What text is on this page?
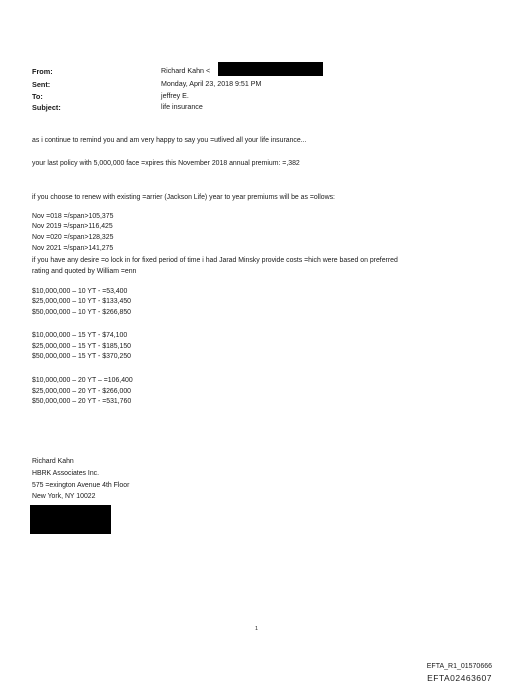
From:	Richard Kahn <
Sent:	Monday, April 23, 2018 9:51 PM
To:	jeffrey E.
Subject:	life insurance
as i continue to remind you and am very happy to say you =utlived all your life insurance...
your last policy with 5,000,000 face =xpires this November 2018 annual premium: =,382
if you choose to renew with existing =arrier (Jackson Life) year to year premiums will be as =ollows:
Nov =018 =/span>105,375
Nov 2019 =/span>116,425
Nov =020 =/span>128,325
Nov 2021 =/span>141,275
if you have any desire =o lock in for fixed period of time i had Jarad Minsky provide costs =hich were based on preferred
rating and quoted by William =enn
$10,000,000 – 10 YT - =53,400
$25,000,000 – 10 YT - $133,450
$50,000,000 – 10 YT - $266,850
$10,000,000 – 15 YT - $74,100
$25,000,000 – 15 YT - $185,150
$50,000,000 – 15 YT - $370,250
$10,000,000 – 20 YT – =106,400
$25,000,000 – 20 YT - $266,000
$50,000,000 – 20 YT - =531,760
Richard Kahn
HBRK Associates Inc.
575 =exington Avenue 4th Floor
New York, NY 10022
1
EFTA_R1_01570666
EFTA02463607
